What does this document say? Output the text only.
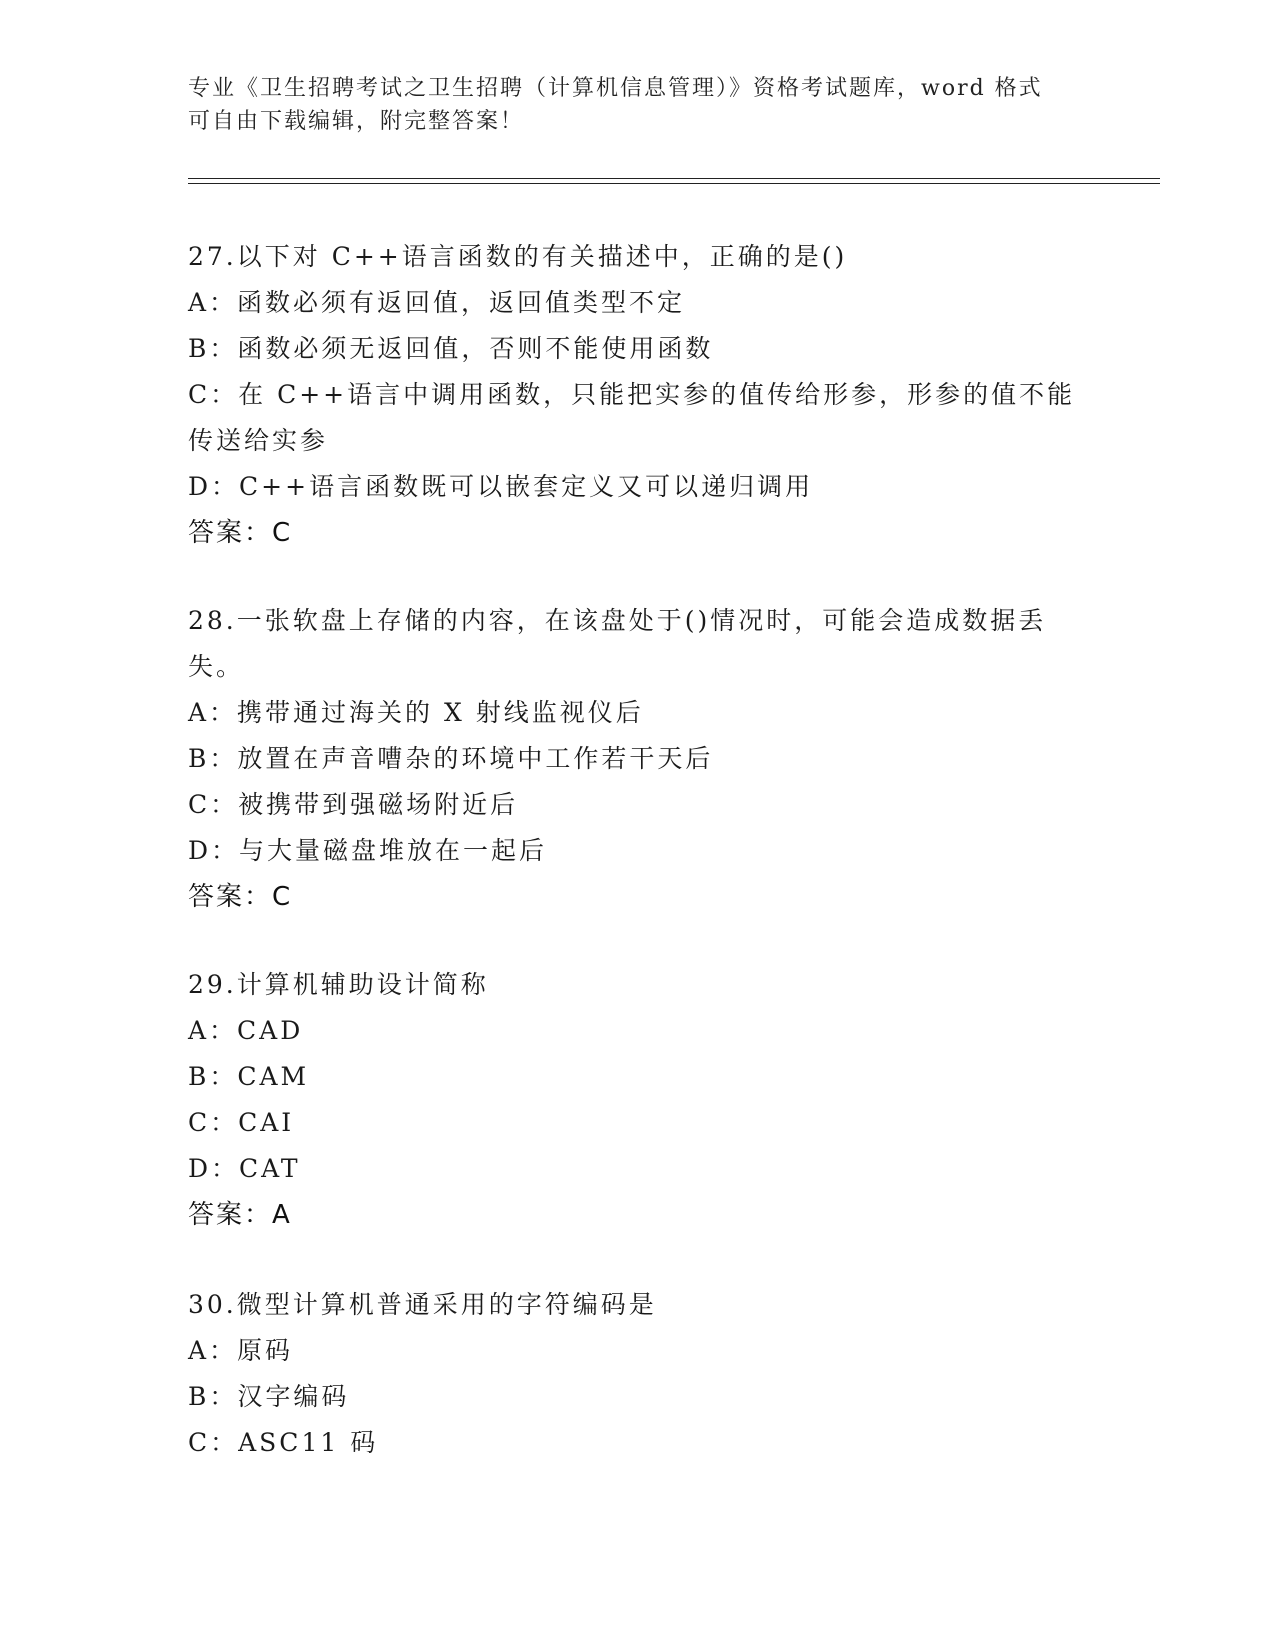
专业《卫生招聘考试之卫生招聘（计算机信息管理）》资格考试题库，word 格式
可自由下载编辑，附完整答案！
27.以下对 C++语言函数的有关描述中，正确的是()
A：函数必须有返回值，返回值类型不定
B：函数必须无返回值，否则不能使用函数
C：在 C++语言中调用函数，只能把实参的值传给形参，形参的值不能
传送给实参
D：C++语言函数既可以嵌套定义又可以递归调用
答案：C
28.一张软盘上存储的内容，在该盘处于()情况时，可能会造成数据丢
失。
A：携带通过海关的 X 射线监视仪后
B：放置在声音嘈杂的环境中工作若干天后
C：被携带到强磁场附近后
D：与大量磁盘堆放在一起后
答案：C
29.计算机辅助设计简称
A：CAD
B：CAM
C：CAI
D：CAT
答案：A
30.微型计算机普通采用的字符编码是
A：原码
B：汉字编码
C：ASC11 码
